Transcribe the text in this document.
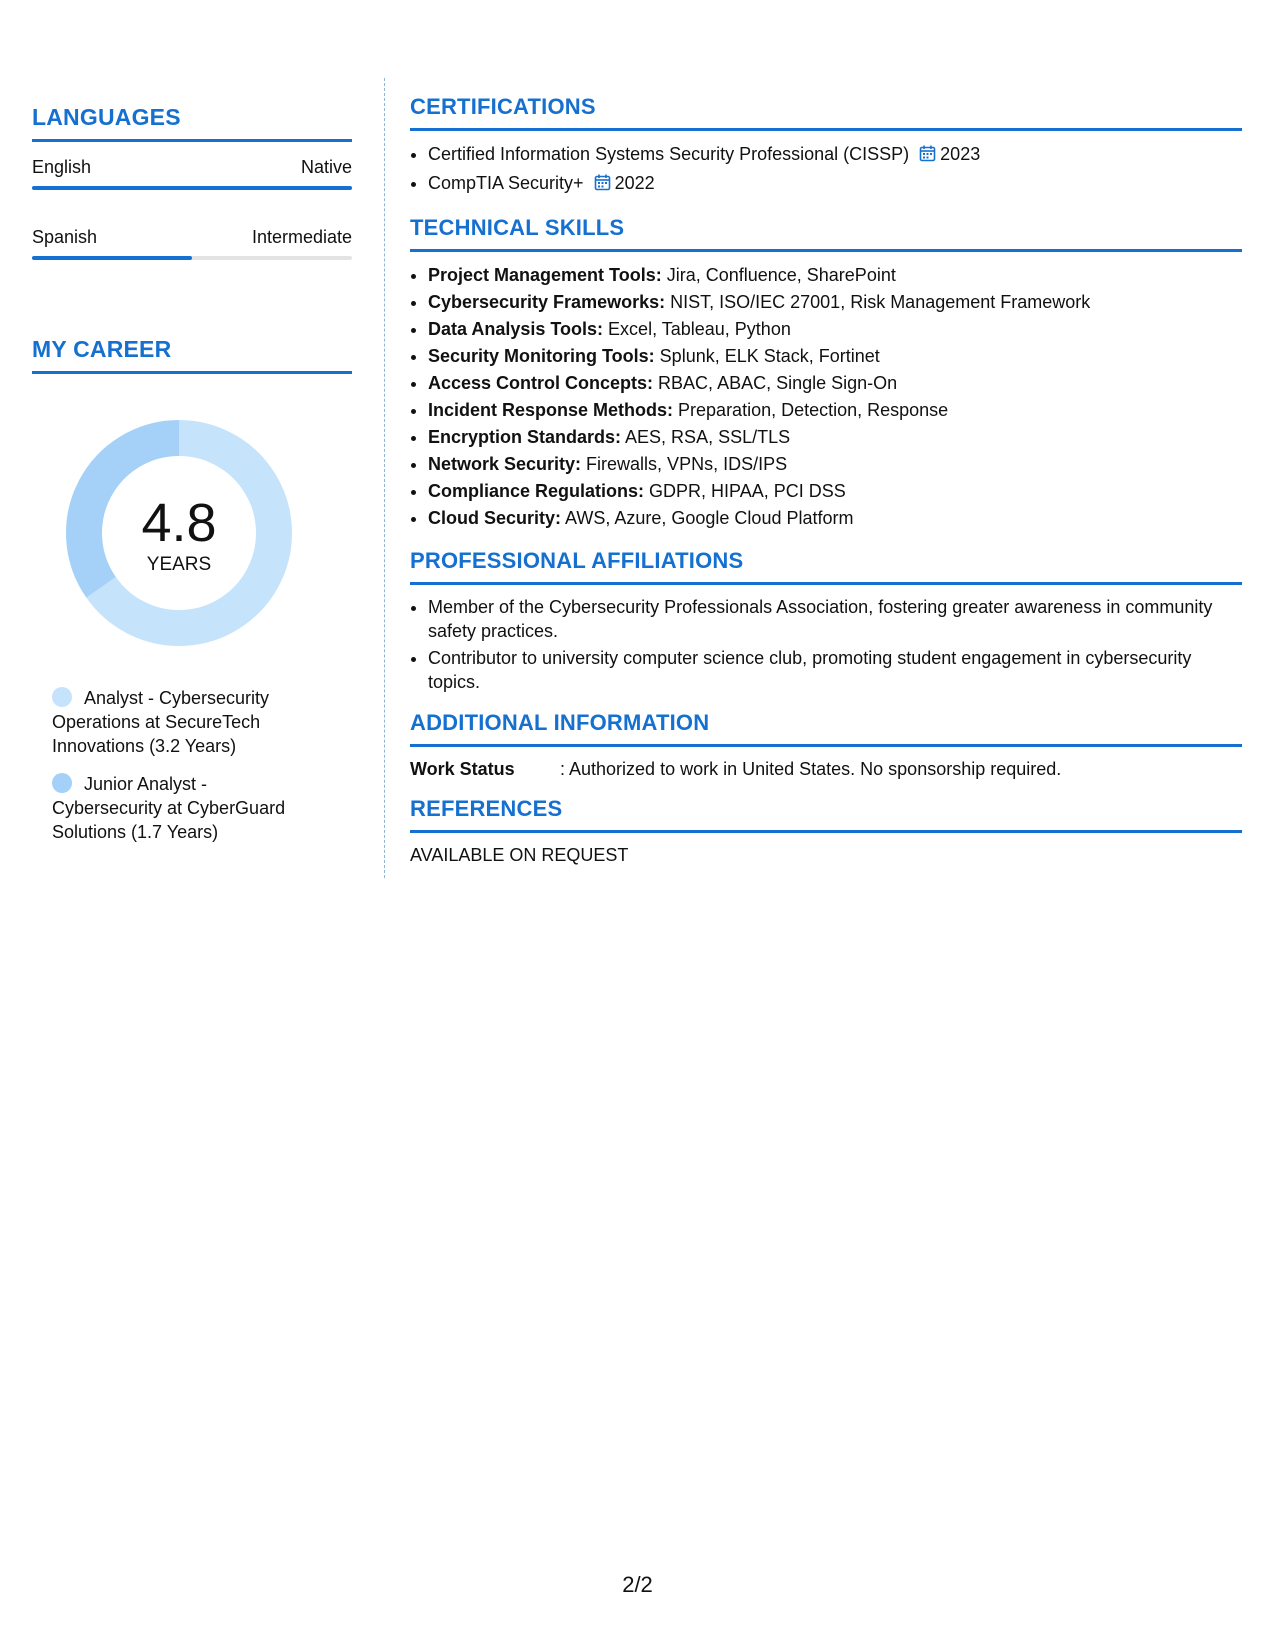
LANGUAGES
English	Native
Spanish	Intermediate
MY CAREER
4.8
YEARS
Analyst - Cybersecurity Operations at SecureTech Innovations (3.2 Years)
Junior Analyst - Cybersecurity at CyberGuard Solutions (1.7 Years)
CERTIFICATIONS
• Certified Information Systems Security Professional (CISSP) 2023
• CompTIA Security+ 2022
TECHNICAL SKILLS
• Project Management Tools: Jira, Confluence, SharePoint
• Cybersecurity Frameworks: NIST, ISO/IEC 27001, Risk Management Framework
• Data Analysis Tools: Excel, Tableau, Python
• Security Monitoring Tools: Splunk, ELK Stack, Fortinet
• Access Control Concepts: RBAC, ABAC, Single Sign-On
• Incident Response Methods: Preparation, Detection, Response
• Encryption Standards: AES, RSA, SSL/TLS
• Network Security: Firewalls, VPNs, IDS/IPS
• Compliance Regulations: GDPR, HIPAA, PCI DSS
• Cloud Security: AWS, Azure, Google Cloud Platform
PROFESSIONAL AFFILIATIONS
• Member of the Cybersecurity Professionals Association, fostering greater awareness in community safety practices.
• Contributor to university computer science club, promoting student engagement in cybersecurity topics.
ADDITIONAL INFORMATION
Work Status	: Authorized to work in United States. No sponsorship required.
REFERENCES
AVAILABLE ON REQUEST
2/2
